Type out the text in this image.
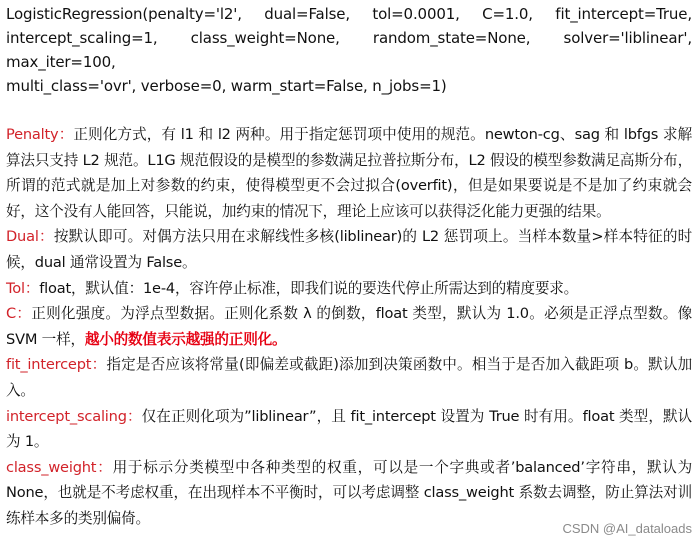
LogisticRegression(penalty='l2', dual=False, tol=0.0001, C=1.0, fit_intercept=True,

intercept_scaling=1, class_weight=None, random_state=None, solver='liblinear', max_iter=100,

multi_class='ovr', verbose=0, warm_start=False, n_jobs=1)

Penalty：正则化方式，有 l1 和 l2 两种。用于指定惩罚项中使用的规范。newton-cg、sag 和 lbfgs 求解算法只支持 L2 规范。L1G 规范假设的是模型的参数满足拉普拉斯分布，L2 假设的模型参数满足高斯分布，所谓的范式就是加上对参数的约束，使得模型更不会过拟合(overfit)，但是如果要说是不是加了约束就会好，这个没有人能回答，只能说，加约束的情况下，理论上应该可以获得泛化能力更强的结果。

Dual：按默认即可。对偶方法只用在求解线性多核(liblinear)的 L2 惩罚项上。当样本数量>样本特征的时候，dual 通常设置为 False。

Tol：float，默认值：1e-4，容许停止标准，即我们说的要迭代停止所需达到的精度要求。

C：正则化强度。为浮点型数据。正则化系数 λ 的倒数，float 类型，默认为 1.0。必须是正浮点型数。像 SVM 一样，越小的数值表示越强的正则化。

fit_intercept：指定是否应该将常量(即偏差或截距)添加到决策函数中。相当于是否加入截距项 b。默认加入。

intercept_scaling：仅在正则化项为”liblinear”，且 fit_intercept 设置为 True 时有用。float 类型，默认为 1。

class_weight：用于标示分类模型中各种类型的权重，可以是一个字典或者’balanced’字符串，默认为 None，也就是不考虑权重，在出现样本不平衡时，可以考虑调整 class_weight 系数去调整，防止算法对训练样本多的类别偏倚。

CSDN @AI_dataloads
